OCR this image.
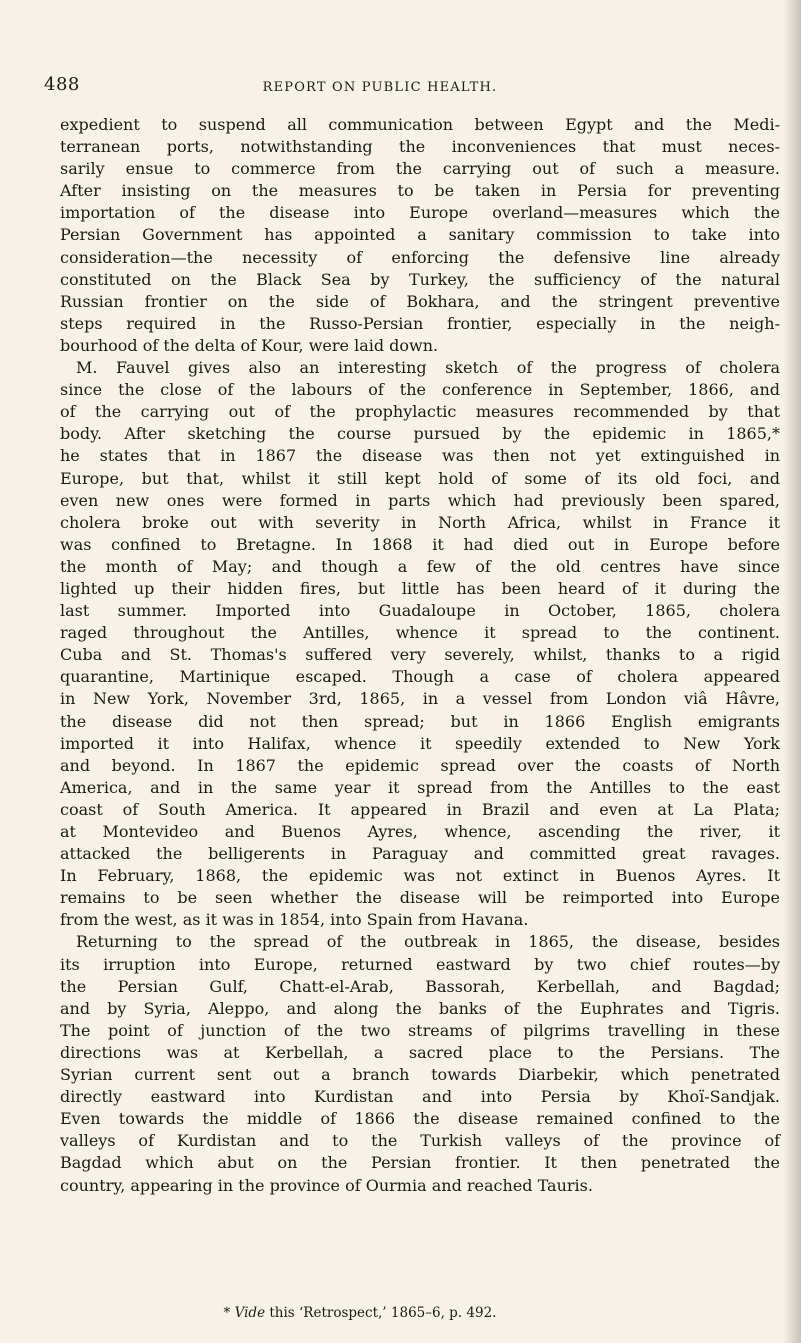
488	REPORT ON PUBLIC HEALTH.
expedient to suspend all communication between Egypt and the Medi-
terranean ports, notwithstanding the inconveniences that must neces-
sarily ensue to commerce from the carrying out of such a measure.
After insisting on the measures to be taken in Persia for preventing
importation of the disease into Europe overland—measures which the
Persian Government has appointed a sanitary commission to take into
consideration—the necessity of enforcing the defensive line already
constituted on the Black Sea by Turkey, the sufficiency of the natural
Russian frontier on the side of Bokhara, and the stringent preventive
steps required in the Russo-Persian frontier, especially in the neigh-
bourhood of the delta of Kour, were laid down.
M. Fauvel gives also an interesting sketch of the progress of cholera
since the close of the labours of the conference in September, 1866, and
of the carrying out of the prophylactic measures recommended by that
body. After sketching the course pursued by the epidemic in 1865,*
he states that in 1867 the disease was then not yet extinguished in
Europe, but that, whilst it still kept hold of some of its old foci, and
even new ones were formed in parts which had previously been spared,
cholera broke out with severity in North Africa, whilst in France it
was confined to Bretagne. In 1868 it had died out in Europe before
the month of May; and though a few of the old centres have since
lighted up their hidden fires, but little has been heard of it during the
last summer. Imported into Guadaloupe in October, 1865, cholera
raged throughout the Antilles, whence it spread to the continent.
Cuba and St. Thomas's suffered very severely, whilst, thanks to a rigid
quarantine, Martinique escaped. Though a case of cholera appeared
in New York, November 3rd, 1865, in a vessel from London viâ Hâvre,
the disease did not then spread; but in 1866 English emigrants
imported it into Halifax, whence it speedily extended to New York
and beyond. In 1867 the epidemic spread over the coasts of North
America, and in the same year it spread from the Antilles to the east
coast of South America. It appeared in Brazil and even at La Plata;
at Montevideo and Buenos Ayres, whence, ascending the river, it
attacked the belligerents in Paraguay and committed great ravages.
In February, 1868, the epidemic was not extinct in Buenos Ayres. It
remains to be seen whether the disease will be reimported into Europe
from the west, as it was in 1854, into Spain from Havana.
Returning to the spread of the outbreak in 1865, the disease, besides
its irruption into Europe, returned eastward by two chief routes—by
the Persian Gulf, Chatt-el-Arab, Bassorah, Kerbellah, and Bagdad;
and by Syria, Aleppo, and along the banks of the Euphrates and Tigris.
The point of junction of the two streams of pilgrims travelling in these
directions was at Kerbellah, a sacred place to the Persians. The
Syrian current sent out a branch towards Diarbekir, which penetrated
directly eastward into Kurdistan and into Persia by Khoï-Sandjak.
Even towards the middle of 1866 the disease remained confined to the
valleys of Kurdistan and to the Turkish valleys of the province of
Bagdad which abut on the Persian frontier. It then penetrated the
country, appearing in the province of Ourmia and reached Tauris.
* Vide this ‘Retrospect,’ 1865–6, p. 492.
